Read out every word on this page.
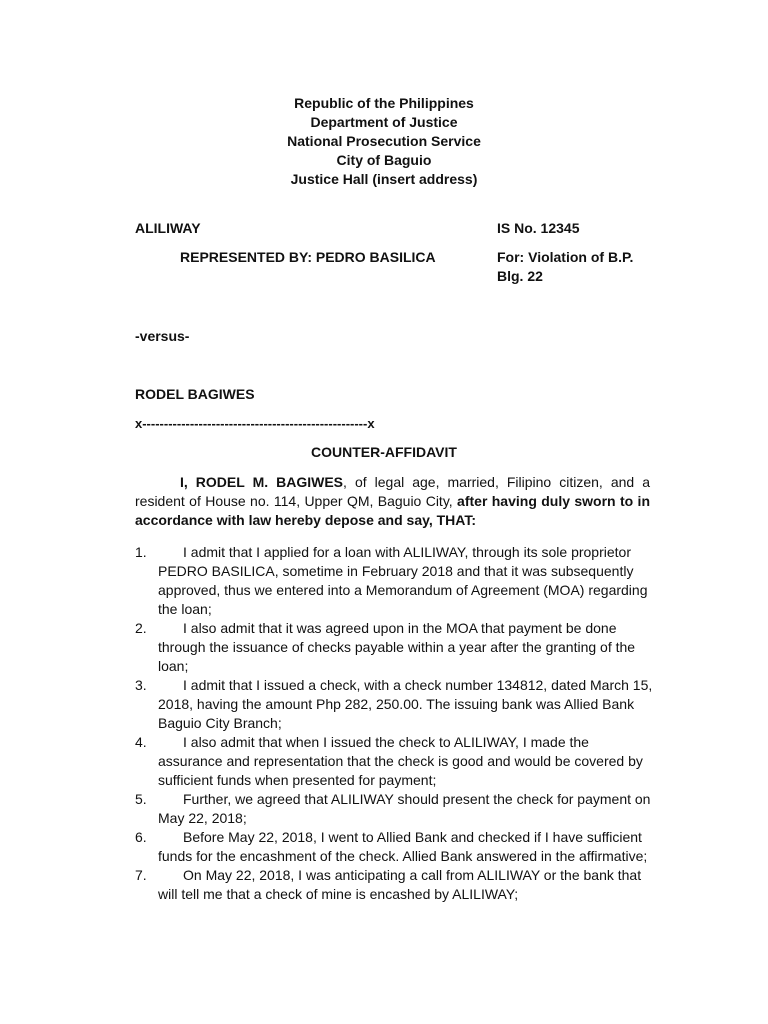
Republic of the Philippines
Department of Justice
National Prosecution Service
City of Baguio
Justice Hall (insert address)
ALILIWAY	IS No. 12345
REPRESENTED BY: PEDRO BASILICA	For: Violation of B.P.
Blg. 22
-versus-
RODEL BAGIWES
x----------------------------------------------------x
COUNTER-AFFIDAVIT

I, RODEL M. BAGIWES, of legal age, married, Filipino citizen, and a resident of House no. 114, Upper QM, Baguio City, after having duly sworn to in accordance with law hereby depose and say, THAT:

1.	I admit that I applied for a loan with ALILIWAY, through its sole proprietor PEDRO BASILICA, sometime in February 2018 and that it was subsequently approved, thus we entered into a Memorandum of Agreement (MOA) regarding the loan;
2.	I also admit that it was agreed upon in the MOA that payment be done through the issuance of checks payable within a year after the granting of the loan;
3.	I admit that I issued a check, with a check number 134812, dated March 15, 2018, having the amount Php 282, 250.00. The issuing bank was Allied Bank Baguio City Branch;
4.	I also admit that when I issued the check to ALILIWAY, I made the assurance and representation that the check is good and would be covered by sufficient funds when presented for payment;
5.	Further, we agreed that ALILIWAY should present the check for payment on May 22, 2018;
6.	Before May 22, 2018, I went to Allied Bank and checked if I have sufficient funds for the encashment of the check. Allied Bank answered in the affirmative;
7.	On May 22, 2018, I was anticipating a call from ALILIWAY or the bank that will tell me that a check of mine is encashed by ALILIWAY;
